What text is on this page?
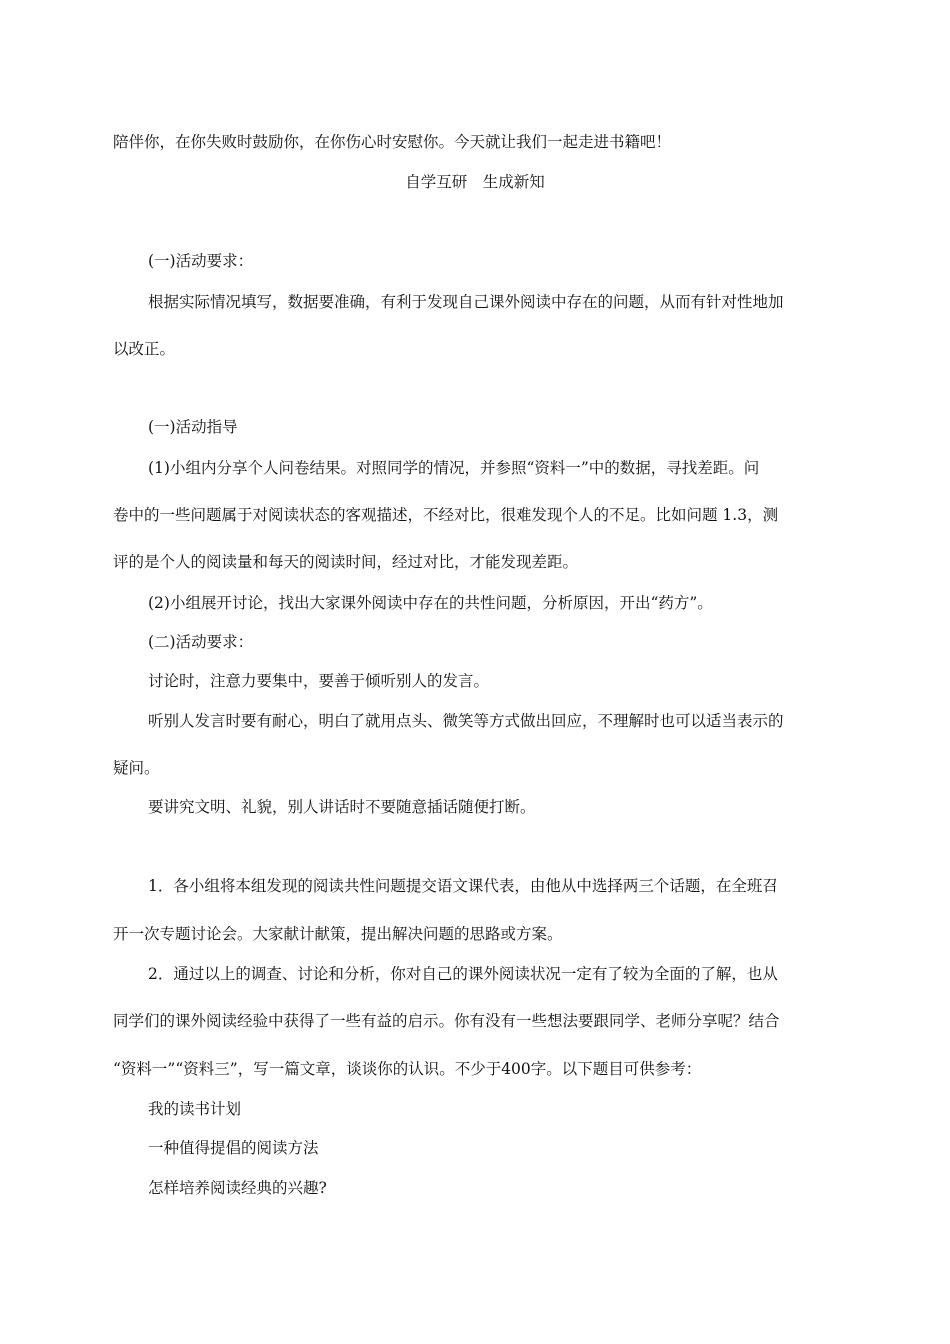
陪伴你，在你失败时鼓励你，在你伤心时安慰你。今天就让我们一起走进书籍吧！
自学互研　生成新知
(一)活动要求：
根据实际情况填写，数据要准确，有利于发现自己课外阅读中存在的问题，从而有针对性地加
以改正。
(一)活动指导
(1)小组内分享个人问卷结果。对照同学的情况，并参照“资料一”中的数据，寻找差距。问
卷中的一些问题属于对阅读状态的客观描述，不经对比，很难发现个人的不足。比如问题 1.3，测
评的是个人的阅读量和每天的阅读时间，经过对比，才能发现差距。
(2)小组展开讨论，找出大家课外阅读中存在的共性问题，分析原因，开出“药方”。
(二)活动要求：
讨论时，注意力要集中，要善于倾听别人的发言。
听别人发言时要有耐心，明白了就用点头、微笑等方式做出回应，不理解时也可以适当表示的
疑问。
要讲究文明、礼貌，别人讲话时不要随意插话随便打断。
1．各小组将本组发现的阅读共性问题提交语文课代表，由他从中选择两三个话题，在全班召
开一次专题讨论会。大家献计献策，提出解决问题的思路或方案。
2．通过以上的调查、讨论和分析，你对自己的课外阅读状况一定有了较为全面的了解，也从
同学们的课外阅读经验中获得了一些有益的启示。你有没有一些想法要跟同学、老师分享呢？结合
“资料一”“资料三”，写一篇文章，谈谈你的认识。不少于400字。以下题目可供参考：
我的读书计划
一种值得提倡的阅读方法
怎样培养阅读经典的兴趣?
